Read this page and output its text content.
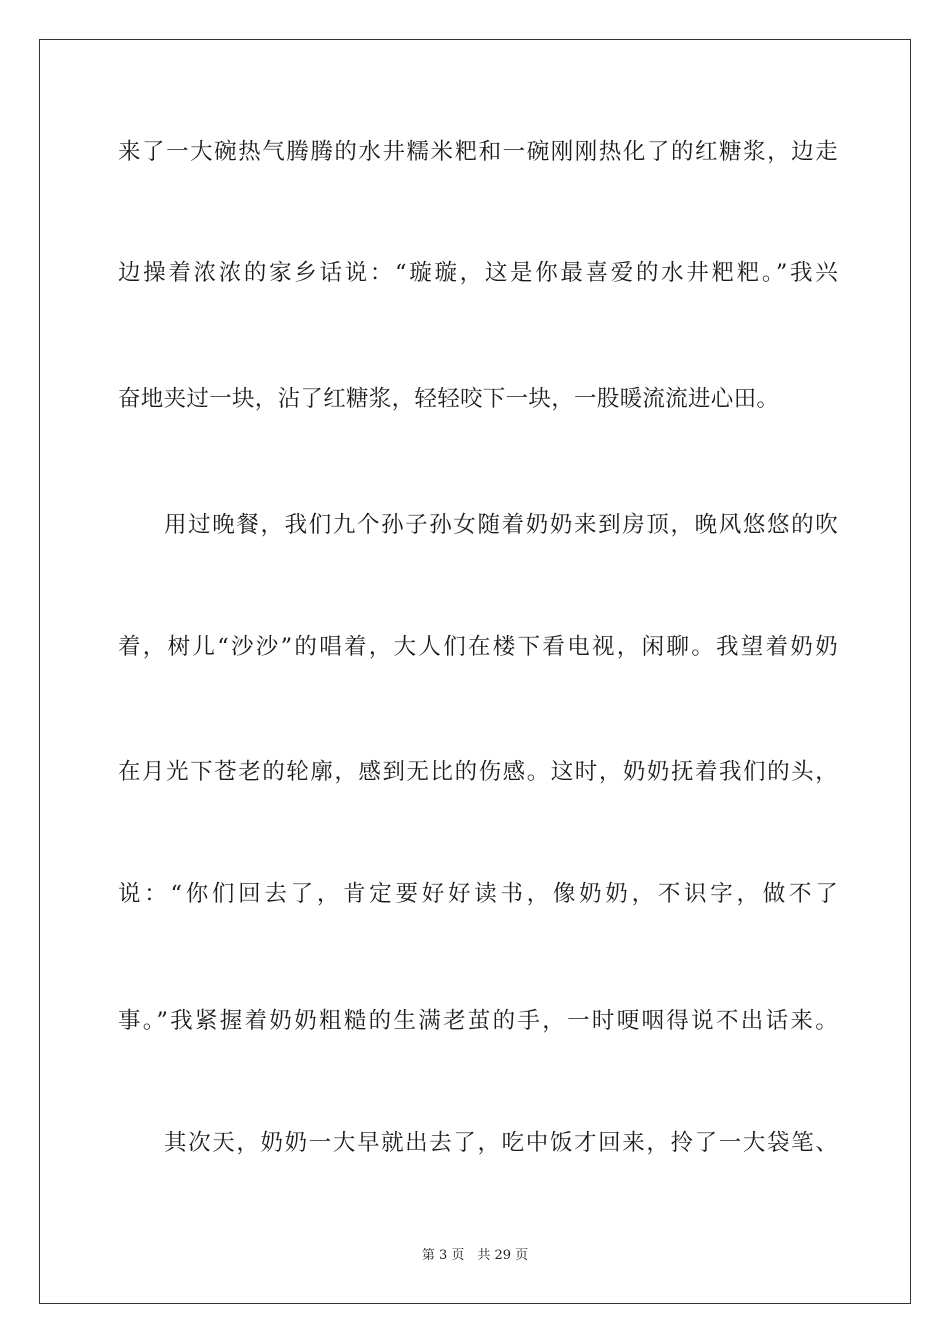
来了一大碗热气腾腾的水井糯米粑和一碗刚刚热化了的红糖浆，边走
边操着浓浓的家乡话说：“璇璇，这是你最喜爱的水井粑粑。”我兴
奋地夹过一块，沾了红糖浆，轻轻咬下一块，一股暖流流进心田。
用过晚餐，我们九个孙子孙女随着奶奶来到房顶，晚风悠悠的吹
着，树儿“沙沙”的唱着，大人们在楼下看电视，闲聊。我望着奶奶
在月光下苍老的轮廓，感到无比的伤感。这时，奶奶抚着我们的头，
说：“你们回去了，肯定要好好读书，像奶奶，不识字，做不了
事。”我紧握着奶奶粗糙的生满老茧的手，一时哽咽得说不出话来。
其次天，奶奶一大早就出去了，吃中饭才回来，拎了一大袋笔、
第 3 页　共 29 页
